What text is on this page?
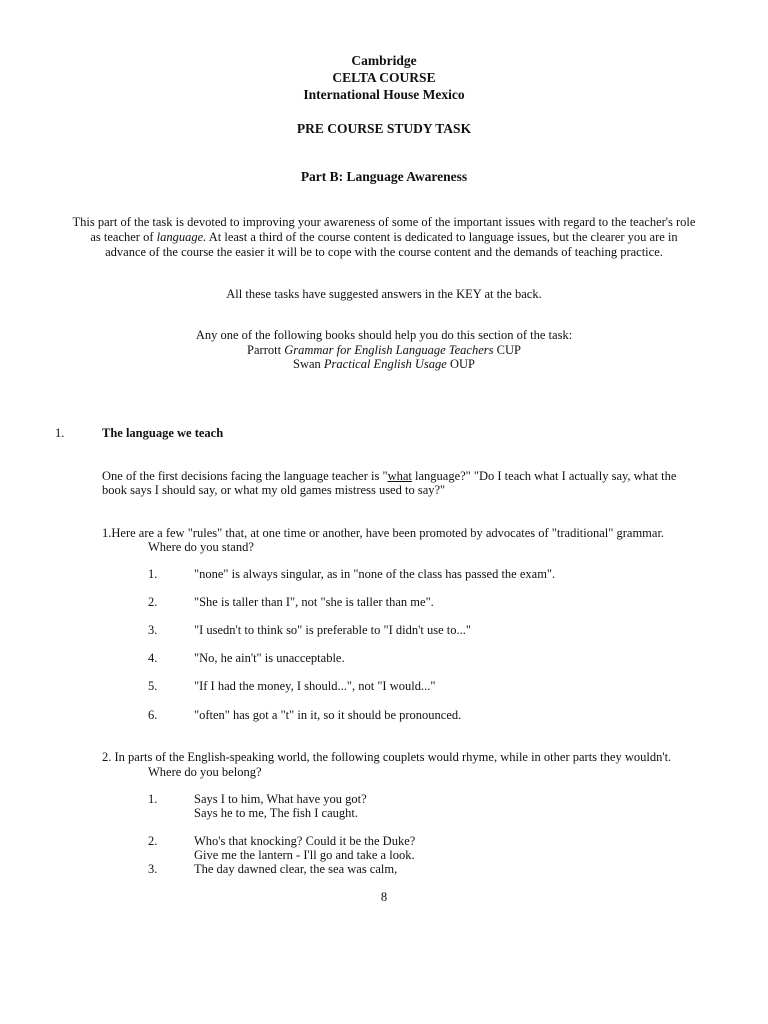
Cambridge
CELTA COURSE
International House Mexico
PRE COURSE STUDY TASK
Part B: Language Awareness
This part of the task is devoted to improving your awareness of some of the important issues with regard to the teacher's role
as teacher of language. At least a third of the course content is dedicated to language issues, but the clearer you are in
advance of the course the easier it will be to cope with the course content and the demands of teaching practice.
All these tasks have suggested answers in the KEY at the back.
Any one of the following books should help you do this section of the task:
Parrott Grammar for English Language Teachers CUP
Swan Practical English Usage OUP
1.	The language we teach
One of the first decisions facing the language teacher is "what language?" "Do I teach what I actually say, what the
book says I should say, or what my old games mistress used to say?"
1.Here are a few "rules" that, at one time or another, have been promoted by advocates of "traditional" grammar.
Where do you stand?
1.	"none" is always singular, as in "none of the class has passed the exam".
2.	"She is taller than I", not "she is taller than me".
3.	"I usedn't to think so" is preferable to "I didn't use to..."
4.	"No, he ain't" is unacceptable.
5.	"If I had the money, I should...", not "I would..."
6.	"often" has got a "t" in it, so it should be pronounced.
2. In parts of the English-speaking world, the following couplets would rhyme, while in other parts they wouldn't.
Where do you belong?
1.	Says I to him, What have you got?
Says he to me, The fish I caught.
2.	Who's that knocking? Could it be the Duke?
Give me the lantern - I'll go and take a look.
3.	The day dawned clear, the sea was calm,
8
